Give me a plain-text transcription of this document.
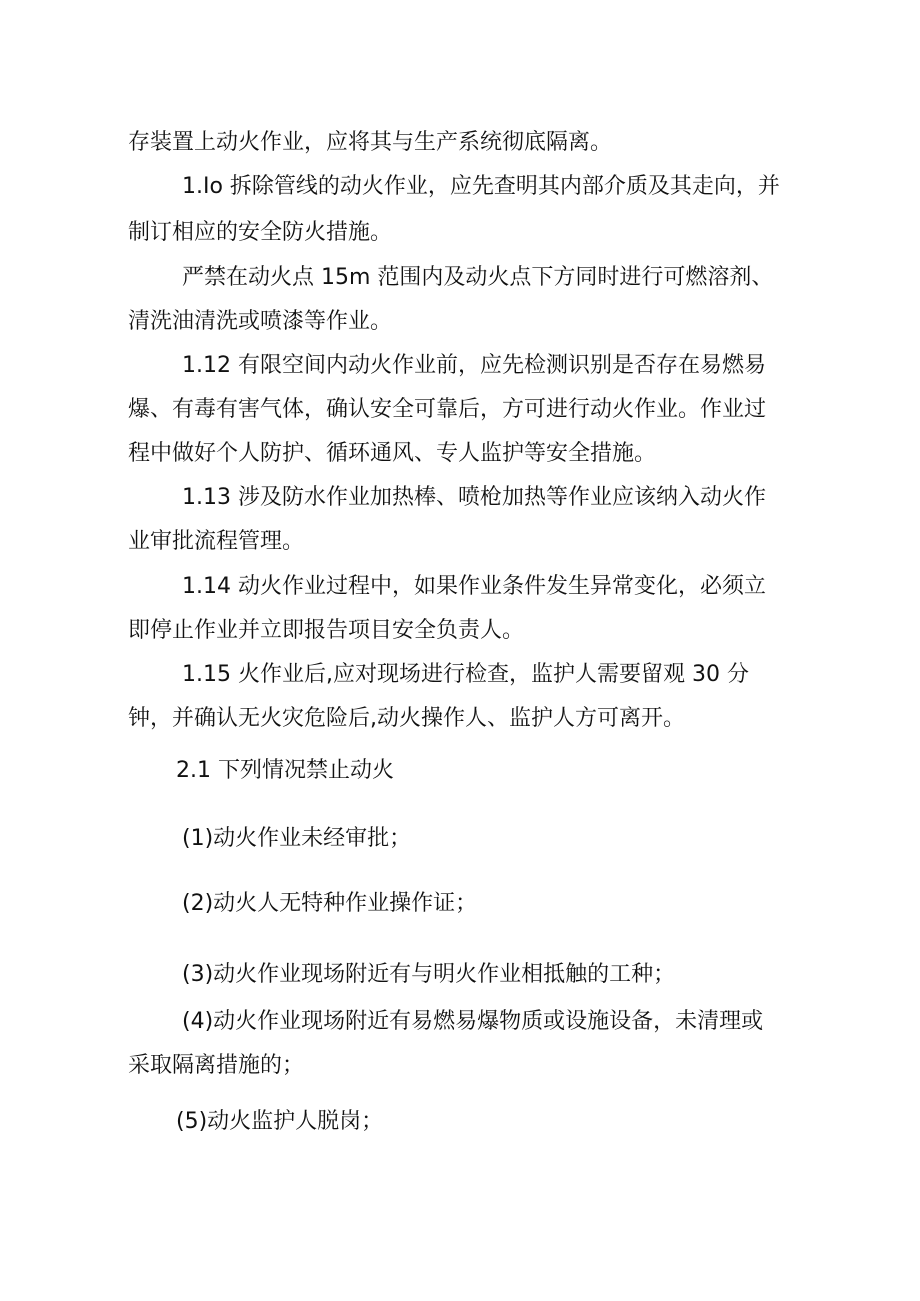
存装置上动火作业，应将其与生产系统彻底隔离。
1.Io 拆除管线的动火作业，应先查明其内部介质及其走向，并
制订相应的安全防火措施。
严禁在动火点 15m 范围内及动火点下方同时进行可燃溶剂、
清洗油清洗或喷漆等作业。
1.12 有限空间内动火作业前，应先检测识别是否存在易燃易
爆、有毒有害气体，确认安全可靠后，方可进行动火作业。作业过
程中做好个人防护、循环通风、专人监护等安全措施。
1.13 涉及防水作业加热棒、喷枪加热等作业应该纳入动火作
业审批流程管理。
1.14 动火作业过程中，如果作业条件发生异常变化，必须立
即停止作业并立即报告项目安全负责人。
1.15 火作业后,应对现场进行检查，监护人需要留观 30 分
钟，并确认无火灾危险后,动火操作人、监护人方可离开。
2.1 下列情况禁止动火
(1)动火作业未经审批；
(2)动火人无特种作业操作证；
(3)动火作业现场附近有与明火作业相抵触的工种；
(4)动火作业现场附近有易燃易爆物质或设施设备，未清理或
采取隔离措施的；
(5)动火监护人脱岗；
